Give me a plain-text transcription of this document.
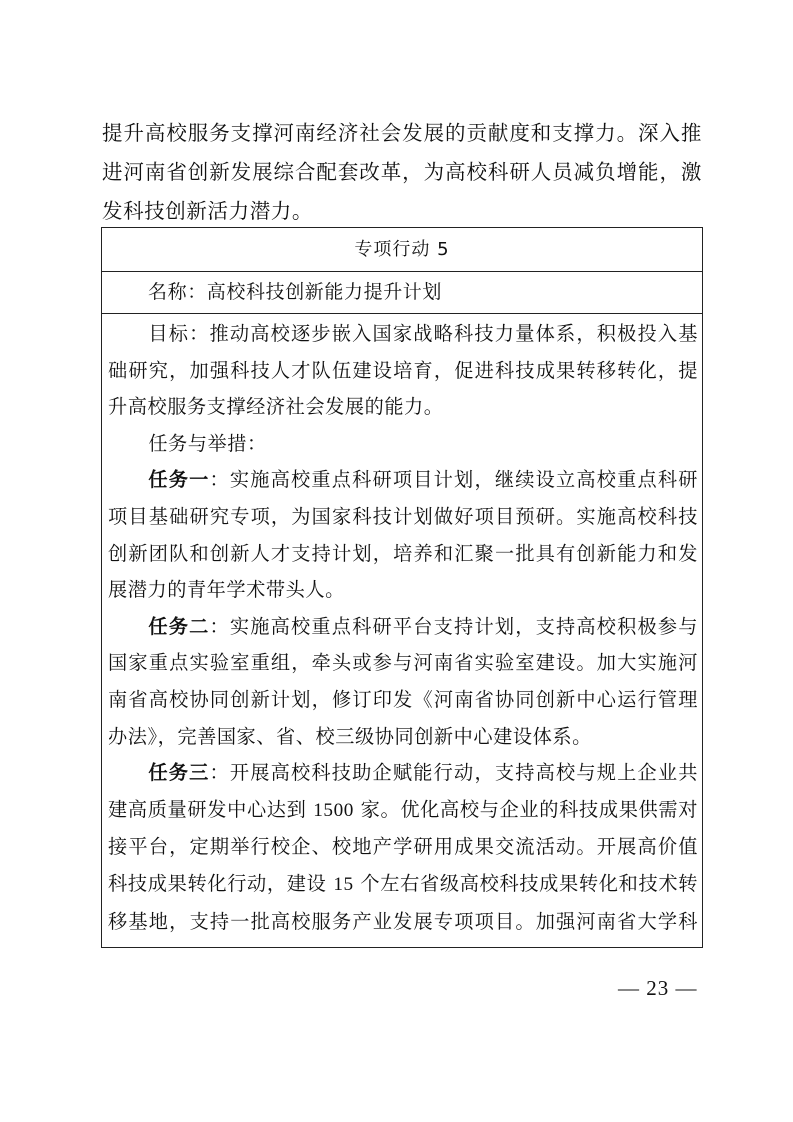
提升高校服务支撑河南经济社会发展的贡献度和支撑力。深入推进河南省创新发展综合配套改革，为高校科研人员减负增能，激发科技创新活力潜力。

专项行动 5
名称：高校科技创新能力提升计划

目标：推动高校逐步嵌入国家战略科技力量体系，积极投入基础研究，加强科技人才队伍建设培育，促进科技成果转移转化，提升高校服务支撑经济社会发展的能力。

任务与举措：

任务一：实施高校重点科研项目计划，继续设立高校重点科研项目基础研究专项，为国家科技计划做好项目预研。实施高校科技创新团队和创新人才支持计划，培养和汇聚一批具有创新能力和发展潜力的青年学术带头人。

任务二：实施高校重点科研平台支持计划，支持高校积极参与国家重点实验室重组，牵头或参与河南省实验室建设。加大实施河南省高校协同创新计划，修订印发《河南省协同创新中心运行管理办法》，完善国家、省、校三级协同创新中心建设体系。

任务三：开展高校科技助企赋能行动，支持高校与规上企业共建高质量研发中心达到 1500 家。优化高校与企业的科技成果供需对接平台，定期举行校企、校地产学研用成果交流活动。开展高价值科技成果转化行动，建设 15 个左右省级高校科技成果转化和技术转移基地，支持一批高校服务产业发展专项项目。加强河南省大学科

— 23 —
